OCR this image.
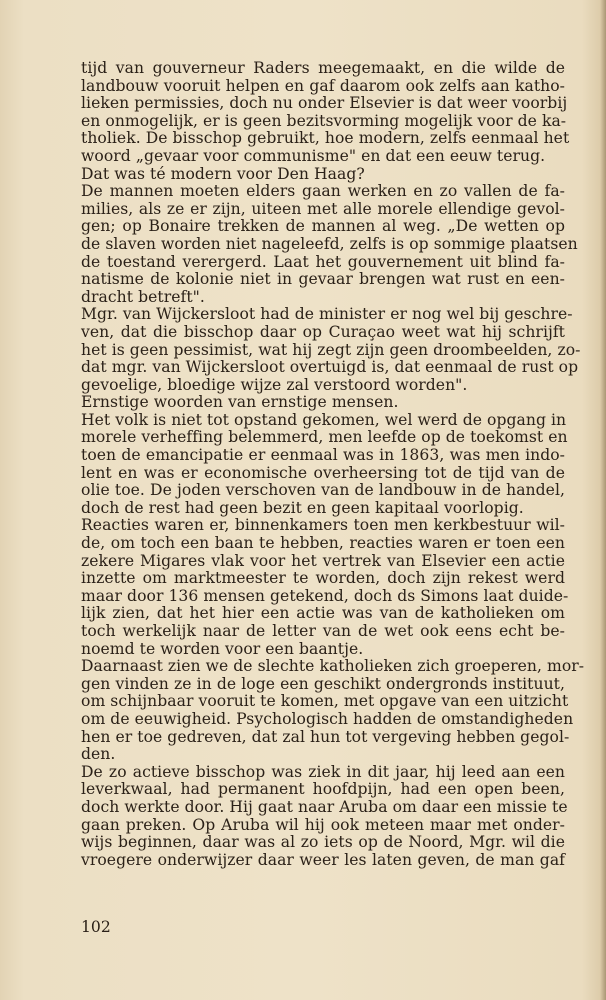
tijd van gouverneur Raders meegemaakt, en die wilde de
landbouw vooruit helpen en gaf daarom ook zelfs aan katho-
lieken permissies, doch nu onder Elsevier is dat weer voorbij
en onmogelijk, er is geen bezitsvorming mogelijk voor de ka-
tholiek. De bisschop gebruikt, hoe modern, zelfs eenmaal het
woord „gevaar voor communisme" en dat een eeuw terug.
Dat was té modern voor Den Haag?
De mannen moeten elders gaan werken en zo vallen de fa-
milies, als ze er zijn, uiteen met alle morele ellendige gevol-
gen; op Bonaire trekken de mannen al weg. „De wetten op
de slaven worden niet nageleefd, zelfs is op sommige plaatsen
de toestand verergerd. Laat het gouvernement uit blind fa-
natisme de kolonie niet in gevaar brengen wat rust en een-
dracht betreft".
Mgr. van Wijckersloot had de minister er nog wel bij geschre-
ven, dat die bisschop daar op Curaçao weet wat hij schrijft
het is geen pessimist, wat hij zegt zijn geen droombeelden, zo-
dat mgr. van Wijckersloot overtuigd is, dat eenmaal de rust op
gevoelige, bloedige wijze zal verstoord worden".
Ernstige woorden van ernstige mensen.
Het volk is niet tot opstand gekomen, wel werd de opgang in
morele verheffing belemmerd, men leefde op de toekomst en
toen de emancipatie er eenmaal was in 1863, was men indo-
lent en was er economische overheersing tot de tijd van de
olie toe. De joden verschoven van de landbouw in de handel,
doch de rest had geen bezit en geen kapitaal voorlopig.
Reacties waren er, binnenkamers toen men kerkbestuur wil-
de, om toch een baan te hebben, reacties waren er toen een
zekere Migares vlak voor het vertrek van Elsevier een actie
inzette om marktmeester te worden, doch zijn rekest werd
maar door 136 mensen getekend, doch ds Simons laat duide-
lijk zien, dat het hier een actie was van de katholieken om
toch werkelijk naar de letter van de wet ook eens echt be-
noemd te worden voor een baantje.
Daarnaast zien we de slechte katholieken zich groeperen, mor-
gen vinden ze in de loge een geschikt ondergronds instituut,
om schijnbaar vooruit te komen, met opgave van een uitzicht
om de eeuwigheid. Psychologisch hadden de omstandigheden
hen er toe gedreven, dat zal hun tot vergeving hebben gegol-
den.
De zo actieve bisschop was ziek in dit jaar, hij leed aan een
leverkwaal, had permanent hoofdpijn, had een open been,
doch werkte door. Hij gaat naar Aruba om daar een missie te
gaan preken. Op Aruba wil hij ook meteen maar met onder-
wijs beginnen, daar was al zo iets op de Noord, Mgr. wil die
vroegere onderwijzer daar weer les laten geven, de man gaf
102
